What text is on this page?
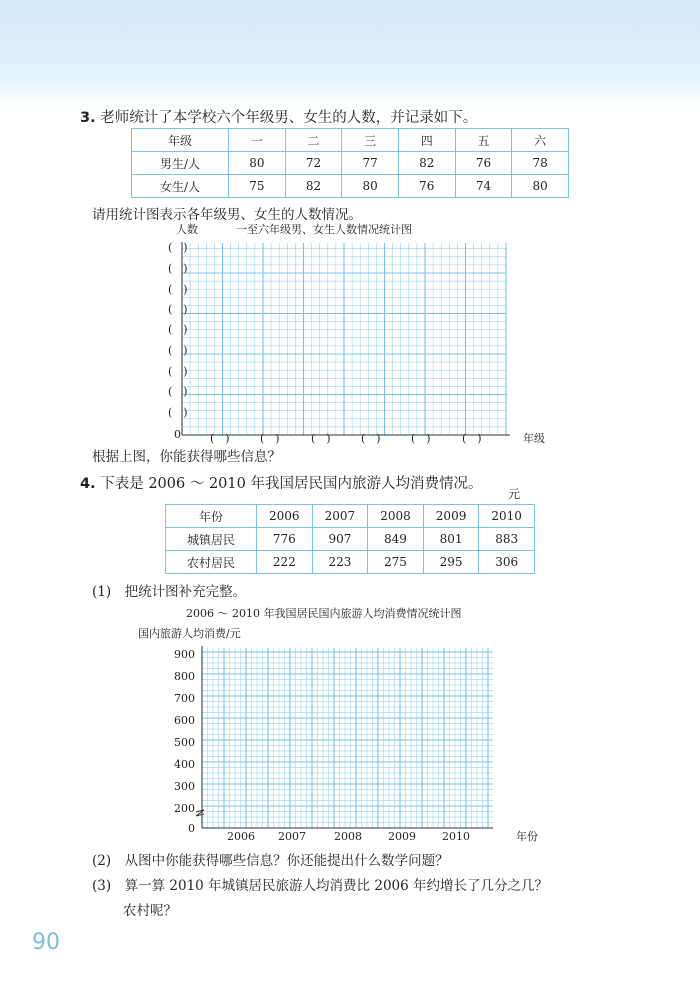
3. 老师统计了本学校六个年级男、女生的人数，并记录如下。
年级	一	二	三	四	五	六
男生/人	80	72	77	82	76	78
女生/人	75	82	80	76	74	80
请用统计图表示各年级男、女生的人数情况。
人数	一至六年级男、女生人数情况统计图
(　)
(　)
(　)
(　)
(　)
(　)
(　)
(　)
(　)
0	(　)	(　)	(　)	(　)	(　)	(　)	年级
根据上图，你能获得哪些信息？
4. 下表是 2006 ～ 2010 年我国居民国内旅游人均消费情况。
元
年份	2006	2007	2008	2009	2010
城镇居民	776	907	849	801	883
农村居民	222	223	275	295	306
(1)　把统计图补充完整。
2006 ～ 2010 年我国居民国内旅游人均消费情况统计图
国内旅游人均消费/元
900
800
700
600
500
400
300
200
0
2006 2007	2008 2009 2010	年份
(2)　从图中你能获得哪些信息？你还能提出什么数学问题？
(3)　算一算 2010 年城镇居民旅游人均消费比 2006 年约增长了几分之几？
农村呢？
90
